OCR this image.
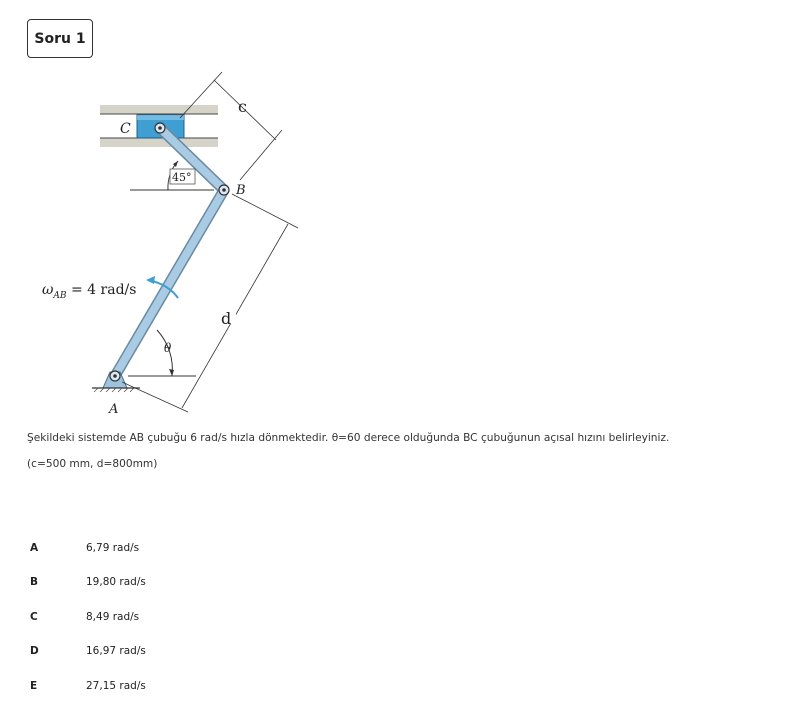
Soru 1
C
A
45°
B
c
d
θ
$\omega_{AB} = 4$ rad/s
Şekildeki sistemde AB çubuğu 6 rad/s hızla dönmektedir. θ=60 derece olduğunda BC çubuğunun açısal hızını belirleyiniz.
(c=500 mm, d=800mm)
A	6,79 rad/s
B	19,80 rad/s
C	8,49 rad/s
D	16,97 rad/s
E	27,15 rad/s
